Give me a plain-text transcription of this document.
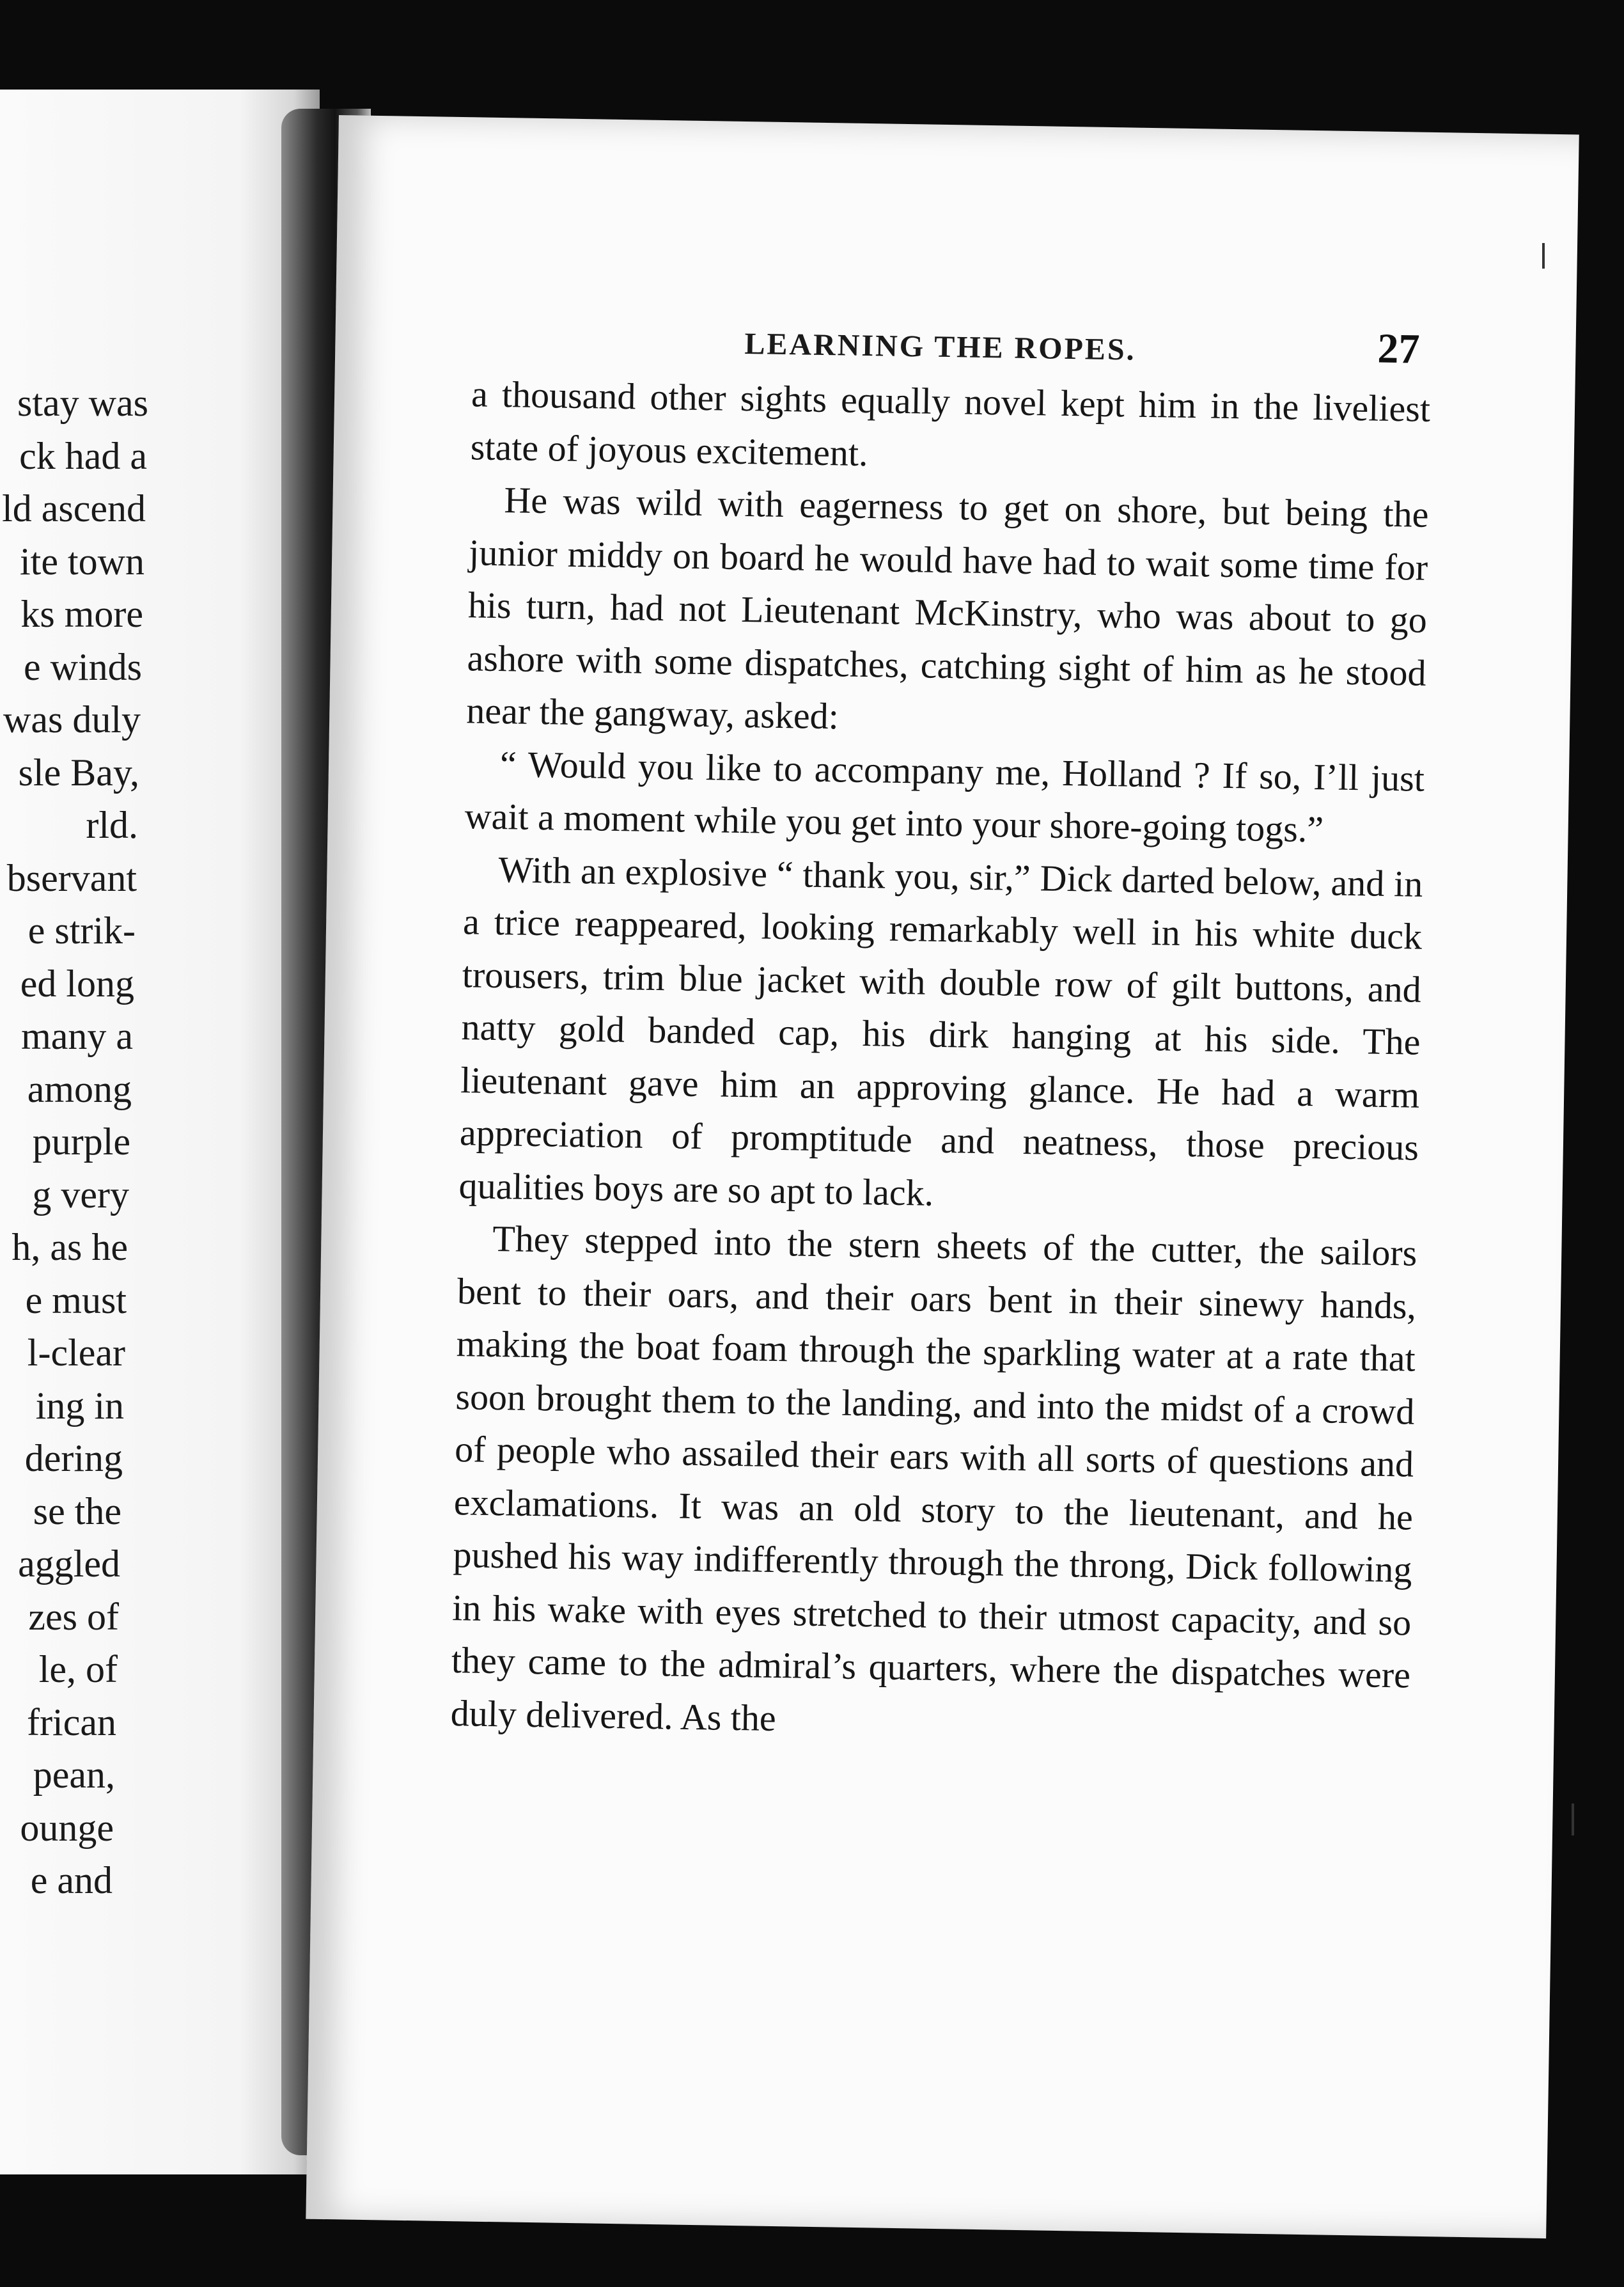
stay was
ck had a
ld ascend
ite town
ks more
e winds
was duly
sle Bay,
rld.
bservant
e strik-
ed long
many a
among
purple
g very
h, as he
e must
l-clear
ing in
dering
se the
aggled
zes of
le, of
frican
pean,
ounge
e and
LEARNING THE ROPES.	27

a thousand other sights equally novel kept him in the liveliest state of joyous excitement.

He was wild with eagerness to get on shore, but being the junior middy on board he would have had to wait some time for his turn, had not Lieutenant McKinstry, who was about to go ashore with some dispatches, catching sight of him as he stood near the gangway, asked:

“ Would you like to accompany me, Holland ? If so, I’ll just wait a moment while you get into your shore-going togs.”

With an explosive “ thank you, sir,” Dick darted below, and in a trice reappeared, looking remarkably well in his white duck trousers, trim blue jacket with double row of gilt buttons, and natty gold banded cap, his dirk hanging at his side. The lieutenant gave him an approving glance. He had a warm appreciation of promptitude and neatness, those precious qualities boys are so apt to lack.

They stepped into the stern sheets of the cutter, the sailors bent to their oars, and their oars bent in their sinewy hands, making the boat foam through the sparkling water at a rate that soon brought them to the landing, and into the midst of a crowd of people who assailed their ears with all sorts of questions and exclamations. It was an old story to the lieutenant, and he pushed his way indifferently through the throng, Dick following in his wake with eyes stretched to their utmost capacity, and so they came to the admiral’s quarters, where the dispatches were duly delivered. As the
